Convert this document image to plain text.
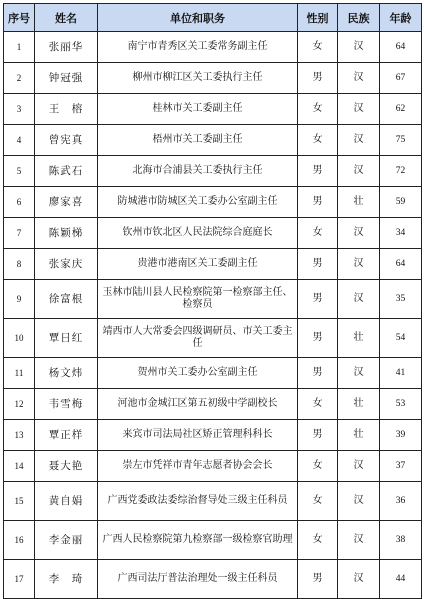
序号	姓名	单位和职务	性别	民族	年龄
1	张丽华	南宁市青秀区关工委常务副主任	女	汉	64
2	钟冠强	柳州市柳江区关工委执行主任	男	汉	67
3	王　榕	桂林市关工委副主任	女	汉	62
4	曾宪真	梧州市关工委副主任	女	汉	75
5	陈武石	北海市合浦县关工委执行主任	男	汉	72
6	廖家喜	防城港市防城区关工委办公室副主任	男	壮	59
7	陈颖梯	钦州市钦北区人民法院综合庭庭长	女	汉	34
8	张家庆	贵港市港南区关工委副主任	男	汉	64
9	徐富根	玉林市陆川县人民检察院第一检察部主任、检察员	男	汉	35
10	覃日红	靖西市人大常委会四级调研员、市关工委主任	男	壮	54
11	杨文炜	贺州市关工委办公室副主任	男	汉	41
12	韦雪梅	河池市金城江区第五初级中学副校长	女	壮	53
13	覃正样	来宾市司法局社区矫正管理科科长	男	壮	39
14	聂大艳	崇左市凭祥市青年志愿者协会会长	女	汉	37
15	黄自娟	广西党委政法委综治督导处三级主任科员	女	汉	36
16	李金丽	广西人民检察院第九检察部一级检察官助理	女	汉	38
17	李　琦	广西司法厅普法治理处一级主任科员	男	汉	44
